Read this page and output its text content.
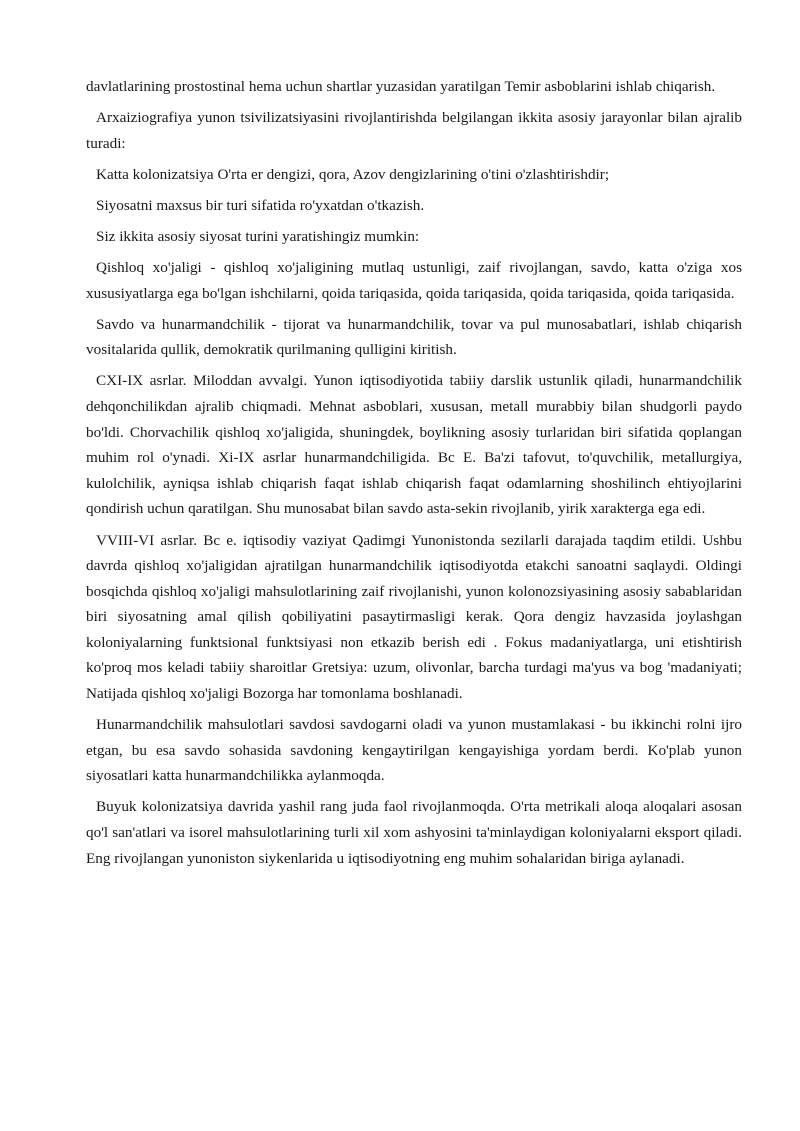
davlatlarining prostostinal hema uchun shartlar yuzasidan yaratilgan Temir asboblarini ishlab chiqarish.

Arxaiziografiya yunon tsivilizatsiyasini rivojlantirishda belgilangan ikkita asosiy jarayonlar bilan ajralib turadi:

Katta kolonizatsiya O'rta er dengizi, qora, Azov dengizlarining o'tini o'zlashtirishdir;

Siyosatni maxsus bir turi sifatida ro'yxatdan o'tkazish.

Siz ikkita asosiy siyosat turini yaratishingiz mumkin:

Qishloq xo'jaligi - qishloq xo'jaligining mutlaq ustunligi, zaif rivojlangan, savdo, katta o'ziga xos xususiyatlarga ega bo'lgan ishchilarni, qoida tariqasida, qoida tariqasida, qoida tariqasida, qoida tariqasida.

Savdo va hunarmandchilik - tijorat va hunarmandchilik, tovar va pul munosabatlari, ishlab chiqarish vositalarida qullik, demokratik qurilmaning qulligini kiritish.

CXI-IX asrlar. Miloddan avvalgi. Yunon iqtisodiyotida tabiiy darslik ustunlik qiladi, hunarmandchilik dehqonchilikdan ajralib chiqmadi. Mehnat asboblari, xususan, metall murabbiy bilan shudgorli paydo bo'ldi. Chorvachilik qishloq xo'jaligida, shuningdek, boylikning asosiy turlaridan biri sifatida qoplangan muhim rol o'ynadi. Xi-IX asrlar hunarmandchiligida. Bc E. Ba'zi tafovut, to'quvchilik, metallurgiya, kulolchilik, ayniqsa ishlab chiqarish faqat ishlab chiqarish faqat odamlarning shoshilinch ehtiyojlarini qondirish uchun qaratilgan. Shu munosabat bilan savdo asta-sekin rivojlanib, yirik xarakterga ega edi.

VVIII-VI asrlar. Bc e. iqtisodiy vaziyat Qadimgi Yunonistonda sezilarli darajada taqdim etildi. Ushbu davrda qishloq xo'jaligidan ajratilgan hunarmandchilik iqtisodiyotda etakchi sanoatni saqlaydi. Oldingi bosqichda qishloq xo'jaligi mahsulotlarining zaif rivojlanishi, yunon kolonozsiyasining asosiy sabablaridan biri siyosatning amal qilish qobiliyatini pasaytirmasligi kerak. Qora dengiz havzasida joylashgan koloniyalarning funktsional funktsiyasi non etkazib berish edi . Fokus madaniyatlarga, uni etishtirish ko'proq mos keladi tabiiy sharoitlar Gretsiya: uzum, olivonlar, barcha turdagi ma'yus va bog 'madaniyati; Natijada qishloq xo'jaligi Bozorga har tomonlama boshlanadi.

Hunarmandchilik mahsulotlari savdosi savdogarni oladi va yunon mustamlakasi - bu ikkinchi rolni ijro etgan, bu esa savdo sohasida savdoning kengaytirilgan kengayishiga yordam berdi. Ko'plab yunon siyosatlari katta hunarmandchilikka aylanmoqda.

Buyuk kolonizatsiya davrida yashil rang juda faol rivojlanmoqda. O'rta metrikali aloqa aloqalari asosan qo'l san'atlari va isorel mahsulotlarining turli xil xom ashyosini ta'minlaydigan koloniyalarni eksport qiladi. Eng rivojlangan yunoniston siykenlarida u iqtisodiyotning eng muhim sohalaridan biriga aylanadi.
